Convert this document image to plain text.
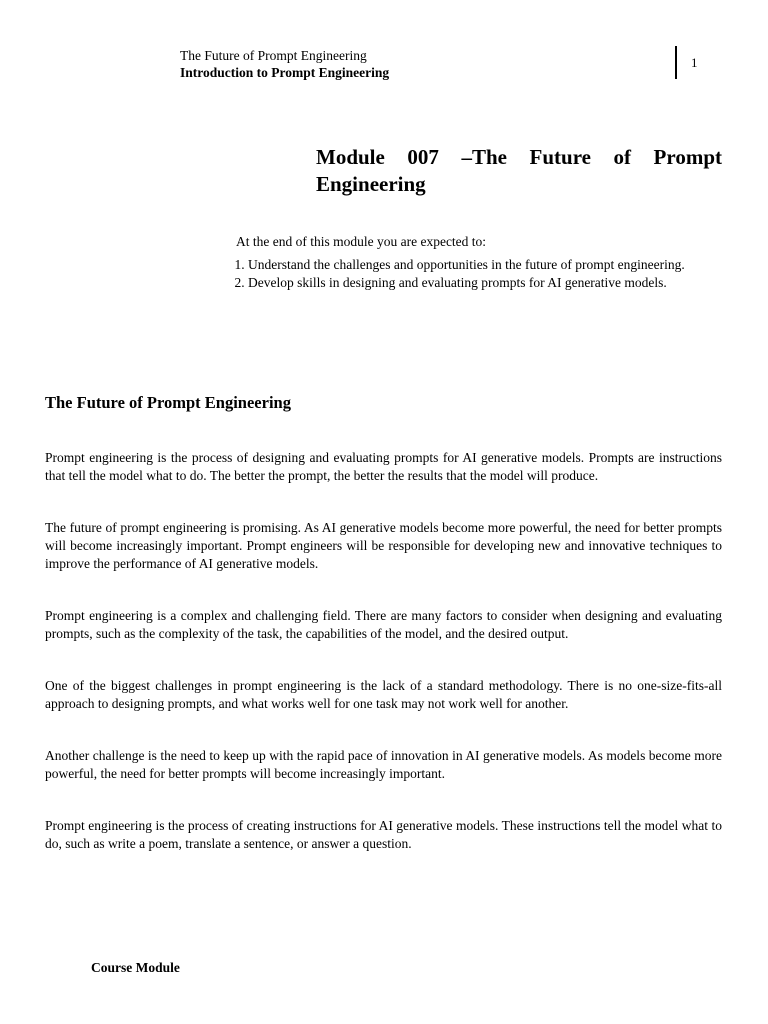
The Future of Prompt Engineering
Introduction to Prompt Engineering
1
Module 007 –The Future of Prompt
Engineering

At the end of this module you are expected to:

1. Understand the challenges and opportunities in the future of prompt engineering.
2. Develop skills in designing and evaluating prompts for AI generative models.
The Future of Prompt Engineering

Prompt engineering is the process of designing and evaluating prompts for AI generative models. Prompts are instructions that tell the model what to do. The better the prompt, the better the results that the model will produce.

The future of prompt engineering is promising. As AI generative models become more powerful, the need for better prompts will become increasingly important. Prompt engineers will be responsible for developing new and innovative techniques to improve the performance of AI generative models.

Prompt engineering is a complex and challenging field. There are many factors to consider when designing and evaluating prompts, such as the complexity of the task, the capabilities of the model, and the desired output.

One of the biggest challenges in prompt engineering is the lack of a standard methodology. There is no one-size-fits-all approach to designing prompts, and what works well for one task may not work well for another.

Another challenge is the need to keep up with the rapid pace of innovation in AI generative models. As models become more powerful, the need for better prompts will become increasingly important.

Prompt engineering is the process of creating instructions for AI generative models. These instructions tell the model what to do, such as write a poem, translate a sentence, or answer a question.

Course Module
